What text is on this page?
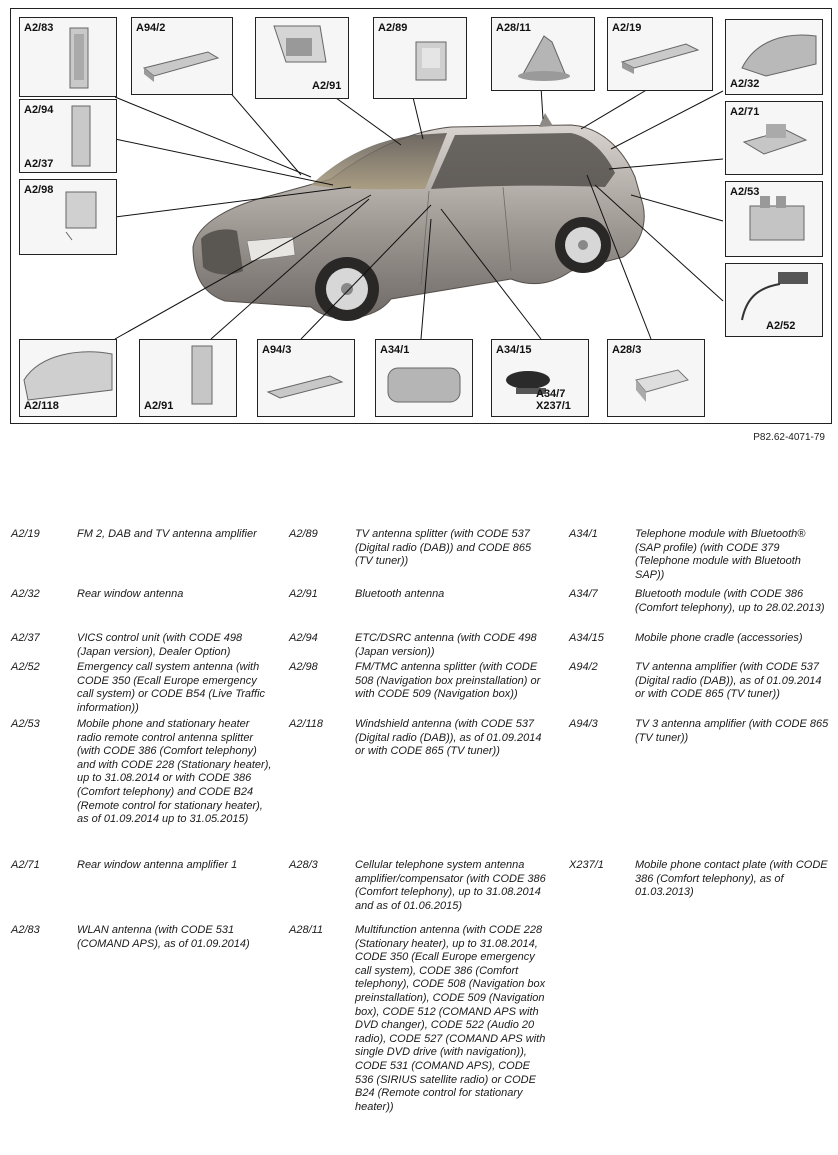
A2/83	A94/2
A2/91
A2/89	A28/11	A2/19
A2/32
A2/94
A2/37
A2/98
A2/71
A2/53
A2/52
A2/118	A2/91
A94/3	A34/1	A34/15
A34/7
X237/1
A28/3
P82.62-4071-79
A2/19	FM 2, DAB and TV antenna amplifier
A2/32	Rear window antenna
A2/37	VICS control unit (with CODE 498 (Japan version), Dealer Option)
A2/52	Emergency call system antenna (with CODE 350 (Ecall Europe emergency call system) or CODE B54 (Live Traffic information))
A2/53	Mobile phone and stationary heater radio remote control antenna splitter (with CODE 386 (Comfort telephony) and with CODE 228 (Stationary heater), up to 31.08.2014 or with CODE 386 (Comfort telephony) and CODE B24 (Remote control for stationary heater), as of 01.09.2014 up to 31.05.2015)
A2/71	Rear window antenna amplifier 1
A2/83	WLAN antenna (with CODE 531 (COMAND APS), as of 01.09.2014)
A2/89	TV antenna splitter (with CODE 537 (Digital radio (DAB)) and CODE 865 (TV tuner))
A2/91	Bluetooth antenna
A2/94	ETC/DSRC antenna (with CODE 498 (Japan version))
A2/98	FM/TMC antenna splitter (with CODE 508 (Navigation box preinstallation) or with CODE 509 (Navigation box))
A2/118	Windshield antenna (with CODE 537 (Digital radio (DAB)), as of 01.09.2014 or with CODE 865 (TV tuner))
A28/3	Cellular telephone system antenna amplifier/compensator (with CODE 386 (Comfort telephony), up to 31.08.2014 and as of 01.06.2015)
A28/11	Multifunction antenna (with CODE 228 (Stationary heater), up to 31.08.2014, CODE 350 (Ecall Europe emergency call system), CODE 386 (Comfort telephony), CODE 508 (Navigation box preinstallation), CODE 509 (Navigation box), CODE 512 (COMAND APS with DVD changer), CODE 522 (Audio 20 radio), CODE 527 (COMAND APS with single DVD drive (with navigation)), CODE 531 (COMAND APS), CODE 536 (SIRIUS satellite radio) or CODE B24 (Remote control for stationary heater))
A34/1	Telephone module with Bluetooth® (SAP profile) (with CODE 379 (Telephone module with Bluetooth SAP))
A34/7	Bluetooth module (with CODE 386 (Comfort telephony), up to 28.02.2013)
A34/15	Mobile phone cradle (accessories)
A94/2	TV antenna amplifier (with CODE 537 (Digital radio (DAB)), as of 01.09.2014 or with CODE 865 (TV tuner))
A94/3	TV 3 antenna amplifier (with CODE 865 (TV tuner))
X237/1	Mobile phone contact plate (with CODE 386 (Comfort telephony), as of 01.03.2013)
